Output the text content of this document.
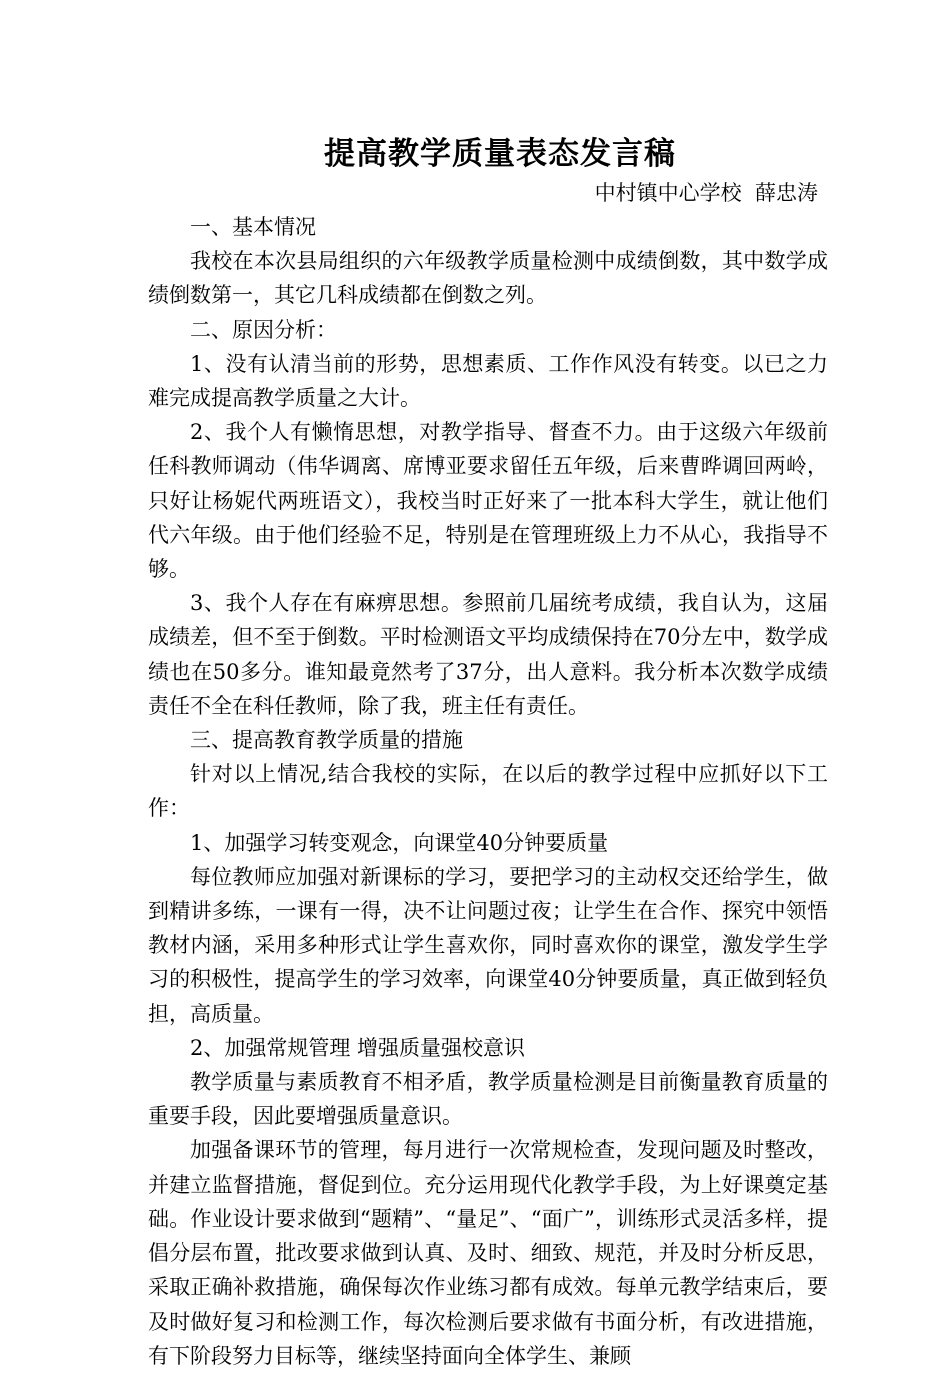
提高教学质量表态发言稿
中村镇中心学校  薛忠涛

一、基本情况

我校在本次县局组织的六年级教学质量检测中成绩倒数，其中数学成绩倒数第一，其它几科成绩都在倒数之列。

二、原因分析：

1、没有认清当前的形势，思想素质、工作作风没有转变。以已之力难完成提高教学质量之大计。

2、我个人有懒惰思想，对教学指导、督查不力。由于这级六年级前任科教师调动（伟华调离、席博亚要求留任五年级，后来曹晔调回两岭，只好让杨妮代两班语文），我校当时正好来了一批本科大学生，就让他们代六年级。由于他们经验不足，特别是在管理班级上力不从心，我指导不够。

3、我个人存在有麻痹思想。参照前几届统考成绩，我自认为，这届成绩差，但不至于倒数。平时检测语文平均成绩保持在70分左中，数学成绩也在50多分。谁知最竟然考了37分，出人意料。我分析本次数学成绩责任不全在科任教师，除了我，班主任有责任。

三、提高教育教学质量的措施

针对以上情况,结合我校的实际，在以后的教学过程中应抓好以下工作：

1、加强学习转变观念，向课堂40分钟要质量

每位教师应加强对新课标的学习，要把学习的主动权交还给学生，做到精讲多练，一课有一得，决不让问题过夜；让学生在合作、探究中领悟教材内涵，采用多种形式让学生喜欢你，同时喜欢你的课堂，激发学生学习的积极性，提高学生的学习效率，向课堂40分钟要质量，真正做到轻负担，高质量。

2、加强常规管理 增强质量强校意识

教学质量与素质教育不相矛盾，教学质量检测是目前衡量教育质量的重要手段，因此要增强质量意识。

加强备课环节的管理，每月进行一次常规检查，发现问题及时整改，并建立监督措施，督促到位。充分运用现代化教学手段，为上好课奠定基础。作业设计要求做到“题精”、“量足”、“面广”，训练形式灵活多样，提倡分层布置，批改要求做到认真、及时、细致、规范，并及时分析反思，采取正确补救措施，确保每次作业练习都有成效。每单元教学结束后，要及时做好复习和检测工作，每次检测后要求做有书面分析，有改进措施，有下阶段努力目标等，继续坚持面向全体学生、兼顾
